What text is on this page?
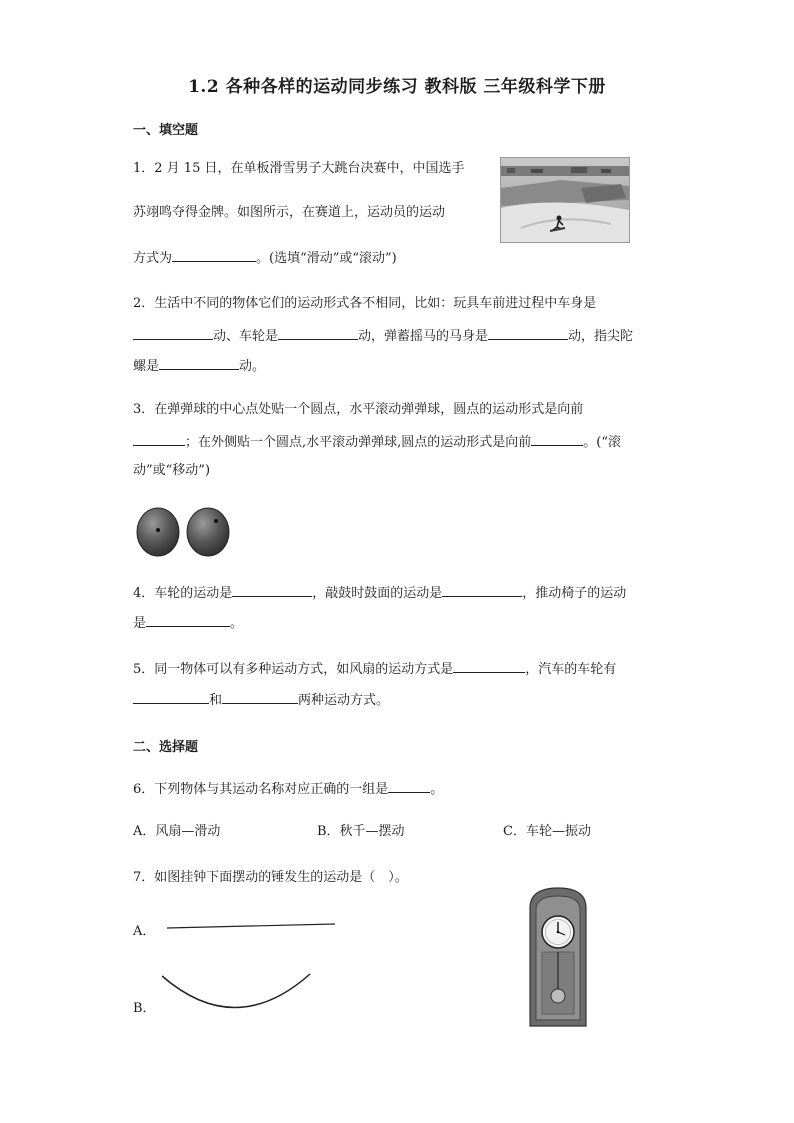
1.2 各种各样的运动同步练习 教科版 三年级科学下册
一、填空题
1．2 月 15 日，在单板滑雪男子大跳台决赛中，中国选手
苏翊鸣夺得金牌。如图所示，在赛道上，运动员的运动
方式为	。(选填“滑动”或“滚动”)
2．生活中不同的物体它们的运动形式各不相同，比如：玩具车前进过程中车身是
动、车轮是	动，弹蓄摇马的马身是	动，指尖陀
螺是	动。
3．在弹弹球的中心点处贴一个圆点，水平滚动弹弹球，圆点的运动形式是向前
；在外侧贴一个圆点,水平滚动弹弹球,圆点的运动形式是向前	。(“滚
动”或“移动”)
4．车轮的运动是	，敲鼓时鼓面的运动是	，推动椅子的运动
是	。
5．同一物体可以有多种运动方式，如风扇的运动方式是	，汽车的车轮有
和	两种运动方式。
二、选择题
6．下列物体与其运动名称对应正确的一组是	。
A．风扇—滑动	B．秋千—摆动	C．车轮—振动
7．如图挂钟下面摆动的锤发生的运动是（　）。
A．
B．
